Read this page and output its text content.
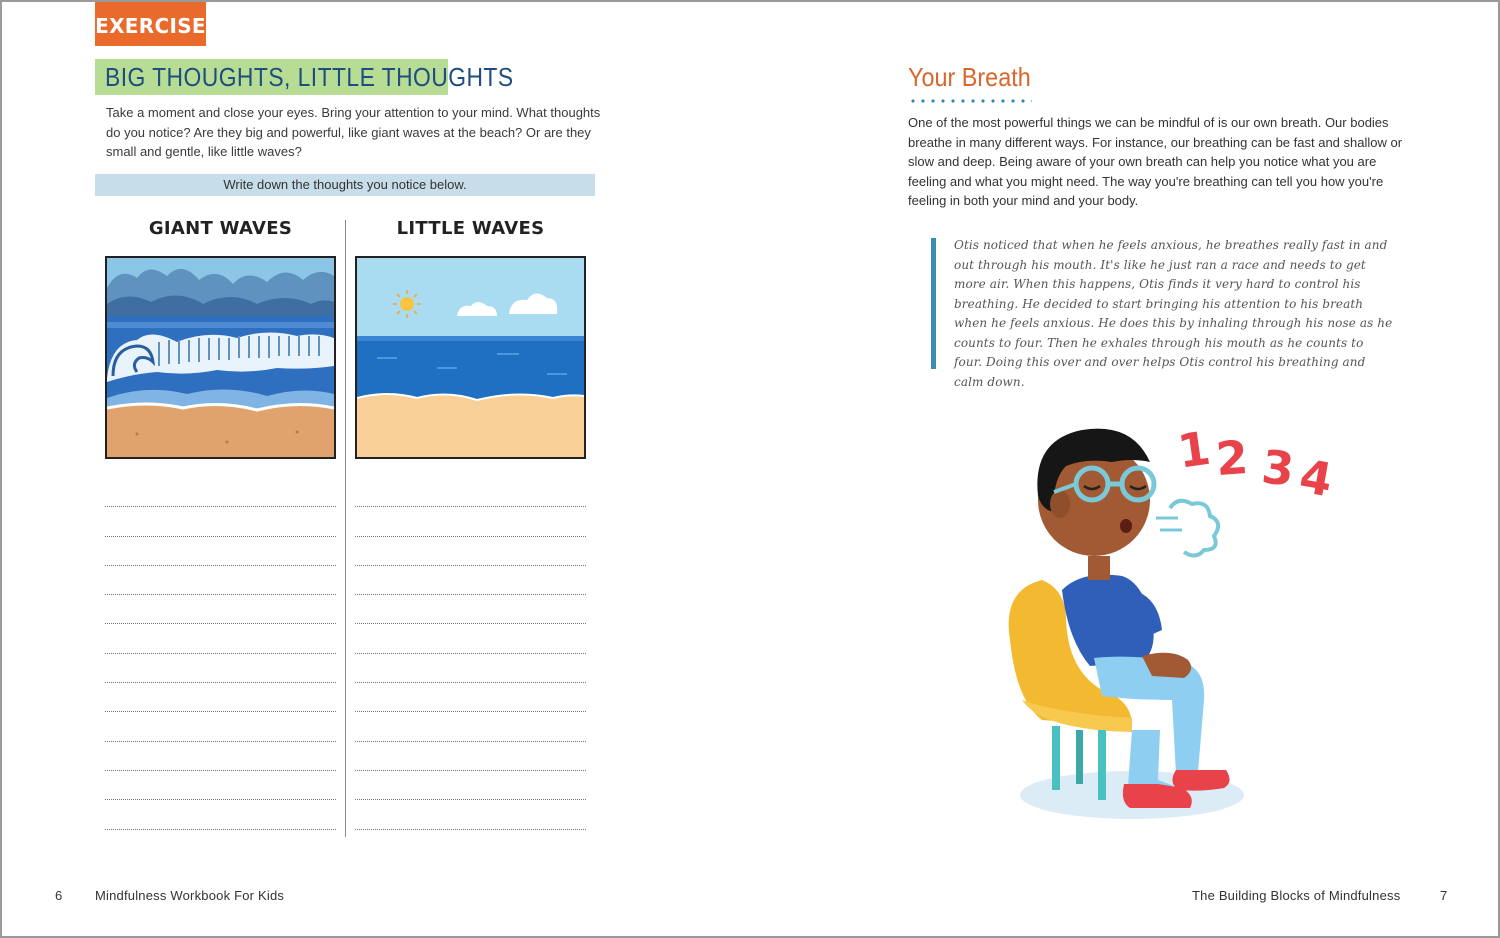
EXERCISE
BIG THOUGHTS, LITTLE THOUGHTS
Take a moment and close your eyes. Bring your attention to your mind. What thoughts do you notice? Are they big and powerful, like giant waves at the beach? Or are they small and gentle, like little waves?
Write down the thoughts you notice below.
GIANT WAVES	LITTLE WAVES
6	Mindfulness Workbook For Kids
Your Breath
One of the most powerful things we can be mindful of is our own breath. Our bodies breathe in many different ways. For instance, our breathing can be fast and shallow or slow and deep. Being aware of your own breath can help you notice what you are feeling and what you might need. The way you're breathing can tell you how you're feeling in both your mind and your body.
Otis noticed that when he feels anxious, he breathes really fast in and out through his mouth. It's like he just ran a race and needs to get more air. When this happens, Otis finds it very hard to control his breathing. He decided to start bringing his attention to his breath when he feels anxious. He does this by inhaling through his nose as he counts to four. Then he exhales through his mouth as he counts to four. Doing this over and over helps Otis control his breathing and calm down.
1 2 3
4
The Building Blocks of Mindfulness	7
